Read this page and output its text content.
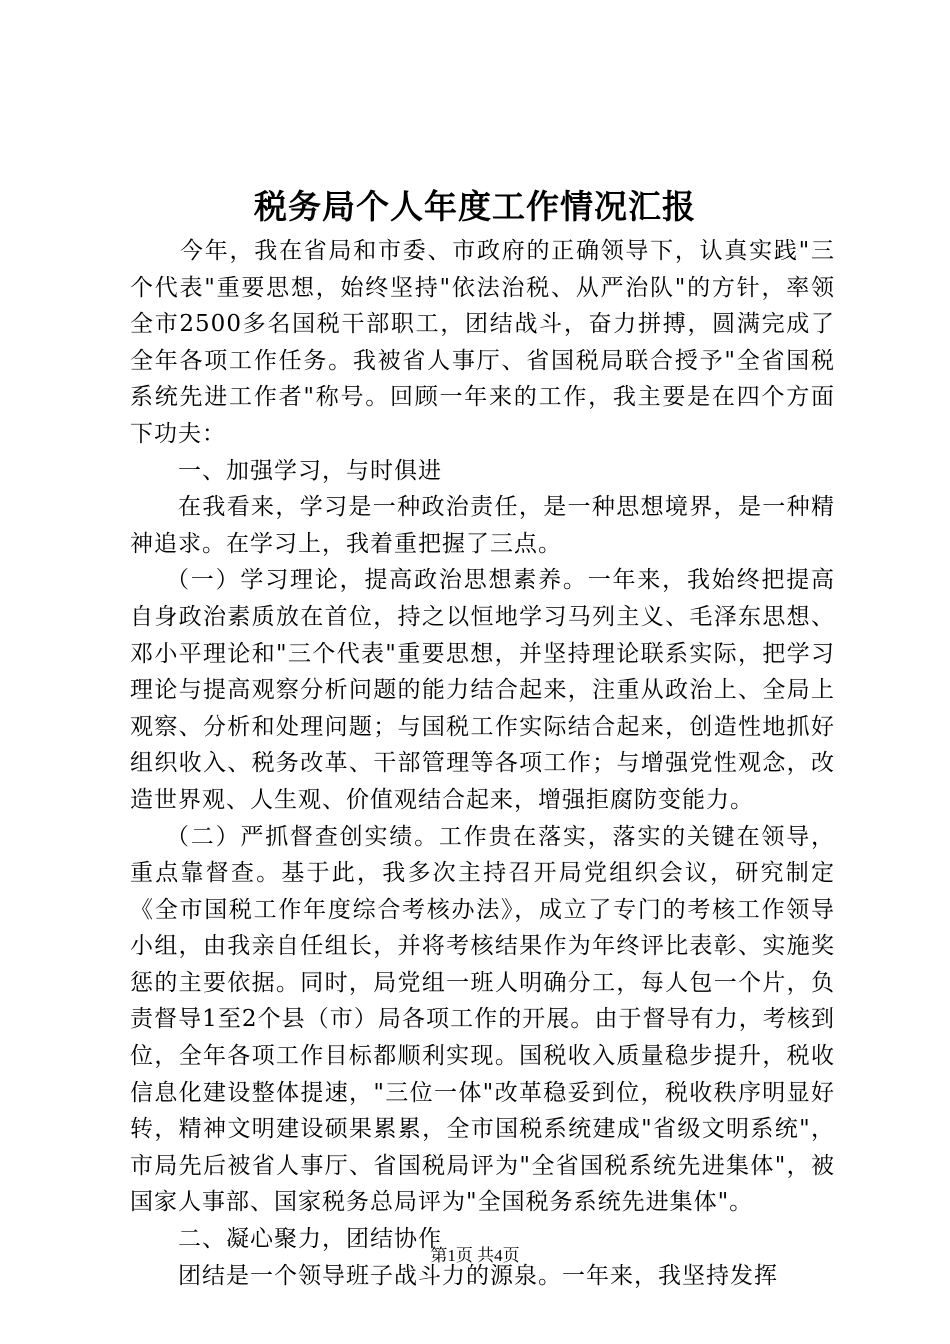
税务局个人年度工作情况汇报

今年，我在省局和市委、市政府的正确领导下，认真实践"三个代表"重要思想，始终坚持"依法治税、从严治队"的方针，率领全市2500多名国税干部职工，团结战斗，奋力拼搏，圆满完成了全年各项工作任务。我被省人事厅、省国税局联合授予"全省国税系统先进工作者"称号。回顾一年来的工作，我主要是在四个方面下功夫：

一、加强学习，与时俱进

在我看来，学习是一种政治责任，是一种思想境界，是一种精神追求。在学习上，我着重把握了三点。

（一）学习理论，提高政治思想素养。一年来，我始终把提高自身政治素质放在首位，持之以恒地学习马列主义、毛泽东思想、邓小平理论和"三个代表"重要思想，并坚持理论联系实际，把学习理论与提高观察分析问题的能力结合起来，注重从政治上、全局上观察、分析和处理问题；与国税工作实际结合起来，创造性地抓好组织收入、税务改革、干部管理等各项工作；与增强党性观念，改造世界观、人生观、价值观结合起来，增强拒腐防变能力。

（二）严抓督查创实绩。工作贵在落实，落实的关键在领导，重点靠督查。基于此，我多次主持召开局党组织会议，研究制定《全市国税工作年度综合考核办法》，成立了专门的考核工作领导小组，由我亲自任组长，并将考核结果作为年终评比表彰、实施奖惩的主要依据。同时，局党组一班人明确分工，每人包一个片，负责督导1至2个县（市）局各项工作的开展。由于督导有力，考核到位，全年各项工作目标都顺利实现。国税收入质量稳步提升，税收信息化建设整体提速，"三位一体"改革稳妥到位，税收秩序明显好转，精神文明建设硕果累累，全市国税系统建成"省级文明系统"，市局先后被省人事厅、省国税局评为"全省国税系统先进集体"，被国家人事部、国家税务总局评为"全国税务系统先进集体"。

二、凝心聚力，团结协作

团结是一个领导班子战斗力的源泉。一年来，我坚持发挥

第1页 共4页
